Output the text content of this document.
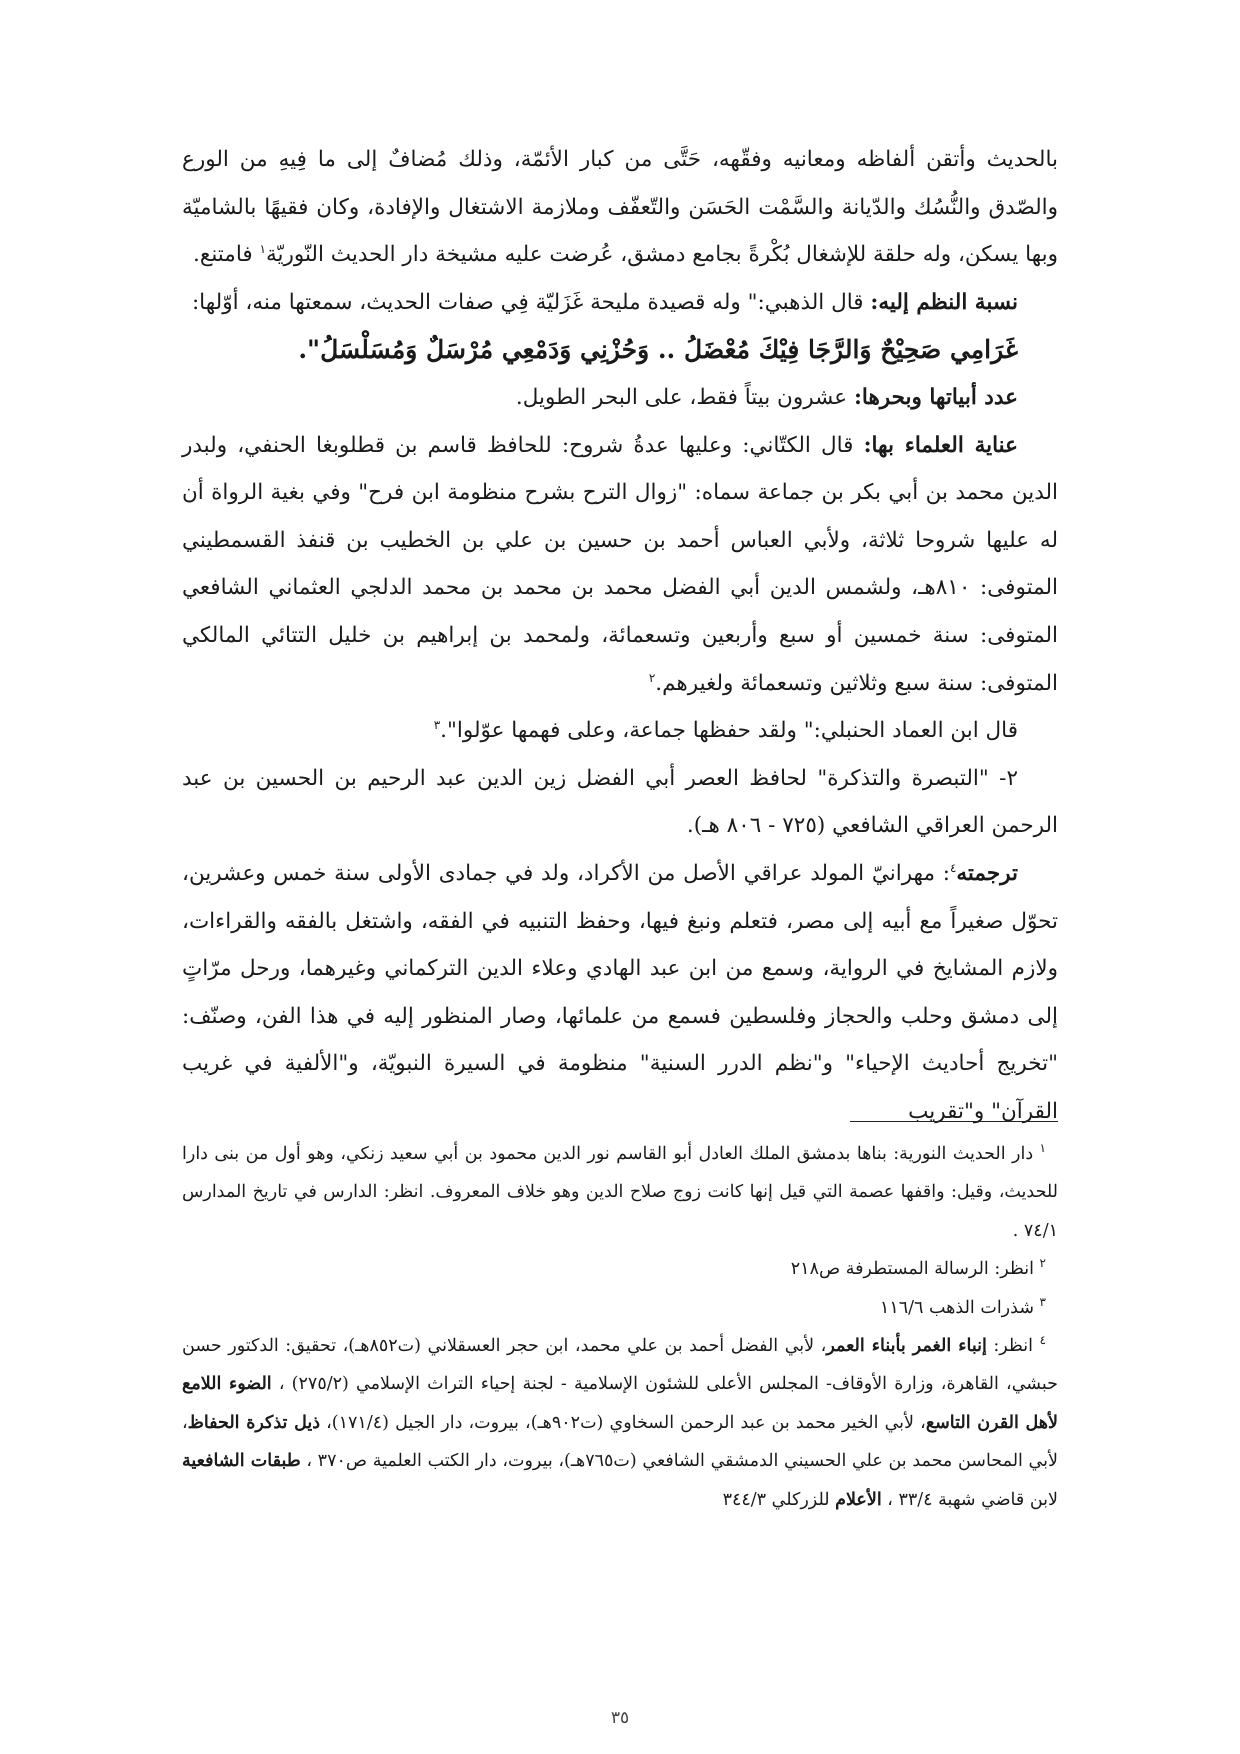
بالحديث وأتقن ألفاظه ومعانيه وفقّهه، حَتَّى من كبار الأئمّة، وذلك مُضافٌ إلى ما فِيهِ من الورع والصّدق والنُّسُك والدّيانة والسَّمْت الحَسَن والتّعفّف وملازمة الاشتغال والإفادة، وكان فقيهًا بالشاميّة وبها يسكن، وله حلقة للإشغال بُكْرةً بجامع دمشق، عُرضت عليه مشيخة دار الحديث النّوريّة$^١$ فامتنع.

نسبة النظم إليه: قال الذهبي:" وله قصيدة مليحة غَزَليّة فِي صفات الحديث، سمعتها منه، أوّلها:

غَرَامِي صَحِيْحٌ وَالرَّجَا فِيْكَ مُعْضَلُ .. وَحُزْنِي وَدَمْعِي مُرْسَلٌ وَمُسَلْسَلُ".

عدد أبياتها وبحرها: عشرون بيتاً فقط، على البحر الطويل.

عناية العلماء بها: قال الكتّاني: وعليها عدةُ شروح: للحافظ قاسم بن قطلوبغا الحنفي، ولبدر الدين محمد بن أبي بكر بن جماعة سماه: "زوال الترح بشرح منظومة ابن فرح" وفي بغية الرواة أن له عليها شروحا ثلاثة، ولأبي العباس أحمد بن حسين بن علي بن الخطيب بن قنفذ القسمطيني المتوفى: ٨١٠هـ، ولشمس الدين أبي الفضل محمد بن محمد بن محمد الدلجي العثماني الشافعي المتوفى: سنة خمسين أو سبع وأربعين وتسعمائة، ولمحمد بن إبراهيم بن خليل التتائي المالكي المتوفى: سنة سبع وثلاثين وتسعمائة ولغيرهم.$^٢$

قال ابن العماد الحنبلي:" ولقد حفظها جماعة، وعلى فهمها عوّلوا".$^٣$

٢- "التبصرة والتذكرة" لحافظ العصر أبي الفضل زين الدين عبد الرحيم بن الحسين بن عبد الرحمن العراقي الشافعي (٧٢٥ - ٨٠٦ هـ).

ترجمته$^٤$: مهرانيّ المولد عراقي الأصل من الأكراد، ولد في جمادى الأولى سنة خمس وعشرين، تحوّل صغيراً مع أبيه إلى مصر، فتعلم ونبغ فيها، وحفظ التنبيه في الفقه، واشتغل بالفقه والقراءات، ولازم المشايخ في الرواية، وسمع من ابن عبد الهادي وعلاء الدين التركماني وغيرهما، ورحل مرّاتٍ إلى دمشق وحلب والحجاز وفلسطين فسمع من علمائها، وصار المنظور إليه في هذا الفن، وصنّف: "تخريج أحاديث الإحياء" و"نظم الدرر السنية" منظومة في السيرة النبويّة، و"الألفية في غريب القرآن" و"تقريب

$^١$ دار الحديث النورية: بناها بدمشق الملك العادل أبو القاسم نور الدين محمود بن أبي سعيد زنكي، وهو أول من بنى دارا للحديث، وقيل: واقفها عصمة التي قيل إنها كانت زوج صلاح الدين وهو خلاف المعروف. انظر: الدارس في تاريخ المدارس ٧٤/١ .

$^٢$ انظر: الرسالة المستطرفة ص٢١٨

$^٣$ شذرات الذهب ١١٦/٦

$^٤$ انظر: إنباء الغمر بأبناء العمر، لأبي الفضل أحمد بن علي محمد، ابن حجر العسقلاني (ت٨٥٢هـ)، تحقيق: الدكتور حسن حبشي، القاهرة، وزارة الأوقاف- المجلس الأعلى للشئون الإسلامية - لجنة إحياء التراث الإسلامي (٢٧٥/٢) ، الضوء اللامع لأهل القرن التاسع، لأبي الخير محمد بن عبد الرحمن السخاوي (ت٩٠٢هـ)، بيروت، دار الجيل (١٧١/٤)، ذيل تذكرة الحفاظ، لأبي المحاسن محمد بن علي الحسيني الدمشقي الشافعي (ت٧٦٥هـ)، بيروت، دار الكتب العلمية ص٣٧٠ ، طبقات الشافعية لابن قاضي شهبة ٣٣/٤ ، الأعلام للزركلي ٣٤٤/٣

٣٥
